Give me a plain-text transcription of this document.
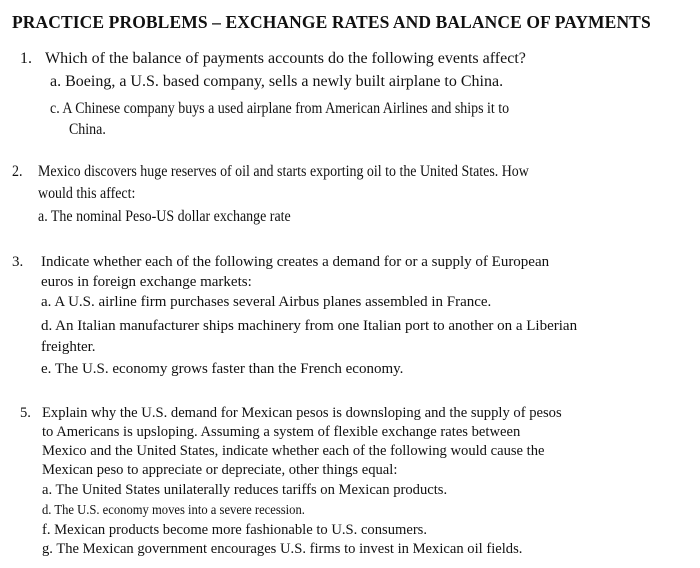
PRACTICE PROBLEMS – EXCHANGE RATES AND BALANCE OF PAYMENTS
1. Which of the balance of payments accounts do the following events affect?
a. Boeing, a U.S. based company, sells a newly built airplane to China.
c. A Chinese company buys a used airplane from American Airlines and ships it to
China.
2. Mexico discovers huge reserves of oil and starts exporting oil to the United States. How
would this affect:
a. The nominal Peso-US dollar exchange rate
3. Indicate whether each of the following creates a demand for or a supply of European
euros in foreign exchange markets:
a. A U.S. airline firm purchases several Airbus planes assembled in France.
d. An Italian manufacturer ships machinery from one Italian port to another on a Liberian
freighter.
e. The U.S. economy grows faster than the French economy.
5. Explain why the U.S. demand for Mexican pesos is downsloping and the supply of pesos
to Americans is upsloping. Assuming a system of flexible exchange rates between
Mexico and the United States, indicate whether each of the following would cause the
Mexican peso to appreciate or depreciate, other things equal:
a. The United States unilaterally reduces tariffs on Mexican products.
d. The U.S. economy moves into a severe recession.
f. Mexican products become more fashionable to U.S. consumers.
g. The Mexican government encourages U.S. firms to invest in Mexican oil fields.
